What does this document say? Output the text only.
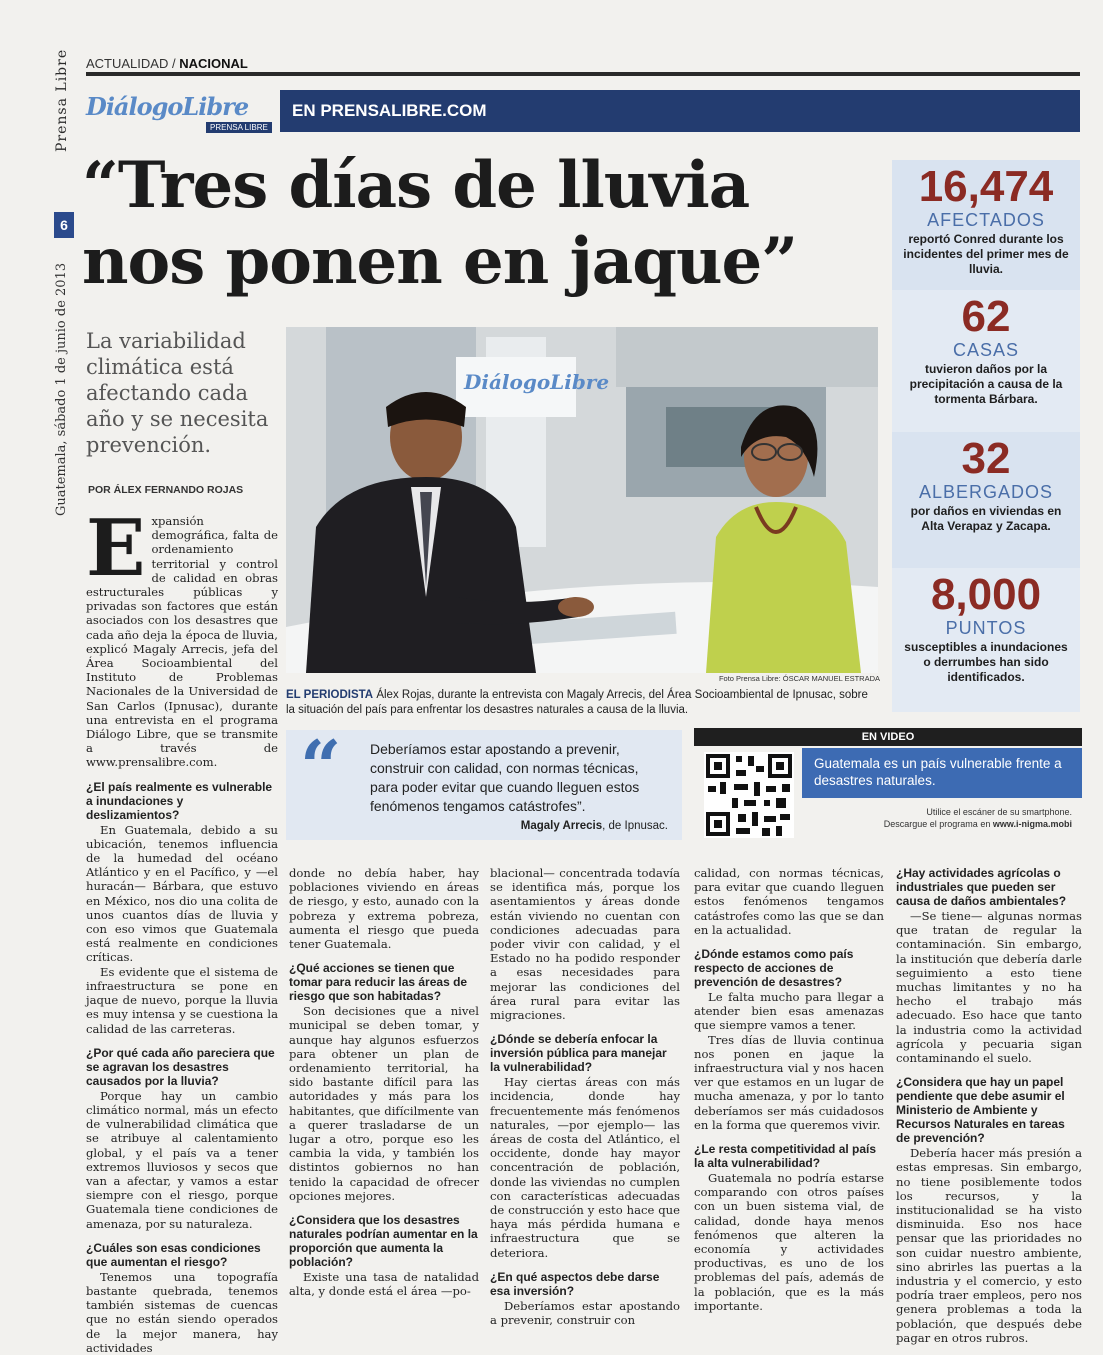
Prensa Libre
6
Guatemala, sábado 1 de junio de 2013
ACTUALIDAD / NACIONAL
DiálogoLibre
PRENSA LIBRE
EN PRENSALIBRE.COM
“Tres días de lluvia nos ponen en jaque”
La variabilidad climática está afectando cada año y se necesita prevención.
POR ÁLEX FERNANDO ROJAS
DiálogoLibre
Foto Prensa Libre: ÓSCAR MANUEL ESTRADA
EL PERIODISTA Álex Rojas, durante la entrevista con Magaly Arrecis, del Área Socioambiental de Ipnusac, sobre la situación del país para enfrentar los desastres naturales a causa de la lluvia.
16,474
AFECTADOS
reportó Conred durante los incidentes del primer mes de lluvia.
62
CASAS
tuvieron daños por la precipitación a causa de la tormenta Bárbara.
32
ALBERGADOS
por daños en viviendas en Alta Verapaz y Zacapa.
8,000
PUNTOS
susceptibles a inundaciones o derrumbes han sido identificados.
“ Deberíamos estar apostando a prevenir, construir con calidad, con normas técnicas, para poder evitar que cuando lleguen estos fenómenos tengamos catástrofes”.
Magaly Arrecis, de Ipnusac.
EN VIDEO
Guatemala es un país vulnerable frente a desastres naturales.
Utilice el escáner de su smartphone.
Descargue el programa en www.i-nigma.mobi

Expansión demográfica, falta de ordenamiento territorial y control de calidad en obras estructurales públicas y privadas son factores que están asociados con los desastres que cada año deja la época de lluvia, explicó Magaly Arrecis, jefa del Área Socioambiental del Instituto de Problemas Nacionales de la Universidad de San Carlos (Ipnusac), durante una entrevista en el programa Diálogo Libre, que se transmite a través de www.prensalibre.com.

¿El país realmente es vulnerable a inundaciones y deslizamientos?

En Guatemala, debido a su ubicación, tenemos influencia de la humedad del océano Atlántico y en el Pacífico, y —el huracán— Bárbara, que estuvo en México, nos dio una colita de unos cuantos días de lluvia y con eso vimos que Guatemala está realmente en condiciones críticas.

Es evidente que el sistema de infraestructura se pone en jaque de nuevo, porque la lluvia es muy intensa y se cuestiona la calidad de las carreteras.

¿Por qué cada año pareciera que se agravan los desastres causados por la lluvia?

Porque hay un cambio climático normal, más un efecto de vulnerabilidad climática que se atribuye al calentamiento global, y el país va a tener extremos lluviosos y secos que van a afectar, y vamos a estar siempre con el riesgo, porque Guatemala tiene condiciones de amenaza, por su naturaleza.

¿Cuáles son esas condiciones que aumentan el riesgo?

Tenemos una topografía bastante quebrada, tenemos también sistemas de cuencas que no están siendo operados de la mejor manera, hay actividades

donde no debía haber, hay poblaciones viviendo en áreas de riesgo, y esto, aunado con la pobreza y extrema pobreza, aumenta el riesgo que pueda tener Guatemala.

¿Qué acciones se tienen que tomar para reducir las áreas de riesgo que son habitadas?

Son decisiones que a nivel municipal se deben tomar, y aunque hay algunos esfuerzos para obtener un plan de ordenamiento territorial, ha sido bastante difícil para las autoridades y más para los habitantes, que difícilmente van a querer trasladarse de un lugar a otro, porque eso les cambia la vida, y también los distintos gobiernos no han tenido la capacidad de ofrecer opciones mejores.

¿Considera que los desastres naturales podrían aumentar en la proporción que aumenta la población?

Existe una tasa de natalidad alta, y donde está el área —po-

blacional— concentrada todavía se identifica más, porque los asentamientos y áreas donde están viviendo no cuentan con condiciones adecuadas para poder vivir con calidad, y el Estado no ha podido responder a esas necesidades para mejorar las condiciones del área rural para evitar las migraciones.

¿Dónde se debería enfocar la inversión pública para manejar la vulnerabilidad?

Hay ciertas áreas con más incidencia, donde hay frecuentemente más fenómenos naturales, —por ejemplo— las áreas de costa del Atlántico, el occidente, donde hay mayor concentración de población, donde las viviendas no cumplen con características adecuadas de construcción y esto hace que haya más pérdida humana e infraestructura que se deteriora.

¿En qué aspectos debe darse esa inversión?

Deberíamos estar apostando a prevenir, construir con

calidad, con normas técnicas, para evitar que cuando lleguen estos fenómenos tengamos catástrofes como las que se dan en la actualidad.

¿Dónde estamos como país respecto de acciones de prevención de desastres?

Le falta mucho para llegar a atender bien esas amenazas que siempre vamos a tener.

Tres días de lluvia continua nos ponen en jaque la infraestructura vial y nos hacen ver que estamos en un lugar de mucha amenaza, y por lo tanto deberíamos ser más cuidadosos en la forma que queremos vivir.

¿Le resta competitividad al país la alta vulnerabilidad?

Guatemala no podría estarse comparando con otros países con un buen sistema vial, de calidad, donde haya menos fenómenos que alteren la economía y actividades productivas, es uno de los problemas del país, además de la población, que es la más importante.

¿Hay actividades agrícolas o industriales que pueden ser causa de daños ambientales?

—Se tiene— algunas normas que tratan de regular la contaminación. Sin embargo, la institución que debería darle seguimiento a esto tiene muchas limitantes y no ha hecho el trabajo más adecuado. Eso hace que tanto la industria como la actividad agrícola y pecuaria sigan contaminando el suelo.

¿Considera que hay un papel pendiente que debe asumir el Ministerio de Ambiente y Recursos Naturales en tareas de prevención?

Debería hacer más presión a estas empresas. Sin embargo, no tiene posiblemente todos los recursos, y la institucionalidad se ha visto disminuida. Eso nos hace pensar que las prioridades no son cuidar nuestro ambiente, sino abrirles las puertas a la industria y el comercio, y esto podría traer empleos, pero nos genera problemas a toda la población, que después debe pagar en otros rubros.
